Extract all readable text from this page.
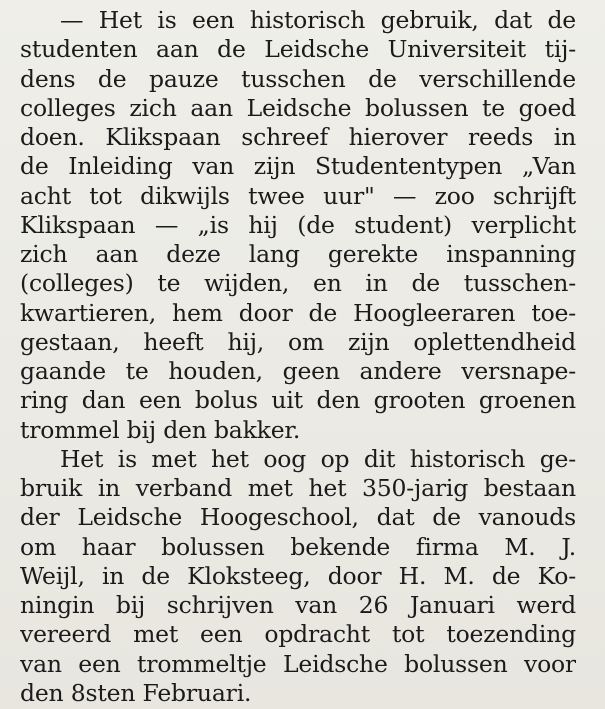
— Het is een historisch gebruik, dat de
studenten aan de Leidsche Universiteit tij-
dens de pauze tusschen de verschillende
colleges zich aan Leidsche bolussen te goed
doen. Klikspaan schreef hierover reeds in
de Inleiding van zijn Studententypen „Van
acht tot dikwijls twee uur" — zoo schrijft
Klikspaan — „is hij (de student) verplicht
zich aan deze lang gerekte inspanning
(colleges) te wijden, en in de tusschen-
kwartieren, hem door de Hoogleeraren toe-
gestaan, heeft hij, om zijn oplettendheid
gaande te houden, geen andere versnape-
ring dan een bolus uit den grooten groenen
trommel bij den bakker.
Het is met het oog op dit historisch ge-
bruik in verband met het 350-jarig bestaan
der Leidsche Hoogeschool, dat de vanouds
om haar bolussen bekende firma M. J.
Weijl, in de Kloksteeg, door H. M. de Ko-
ningin bij schrijven van 26 Januari werd
vereerd met een opdracht tot toezending
van een trommeltje Leidsche bolussen voor
den 8sten Februari.
